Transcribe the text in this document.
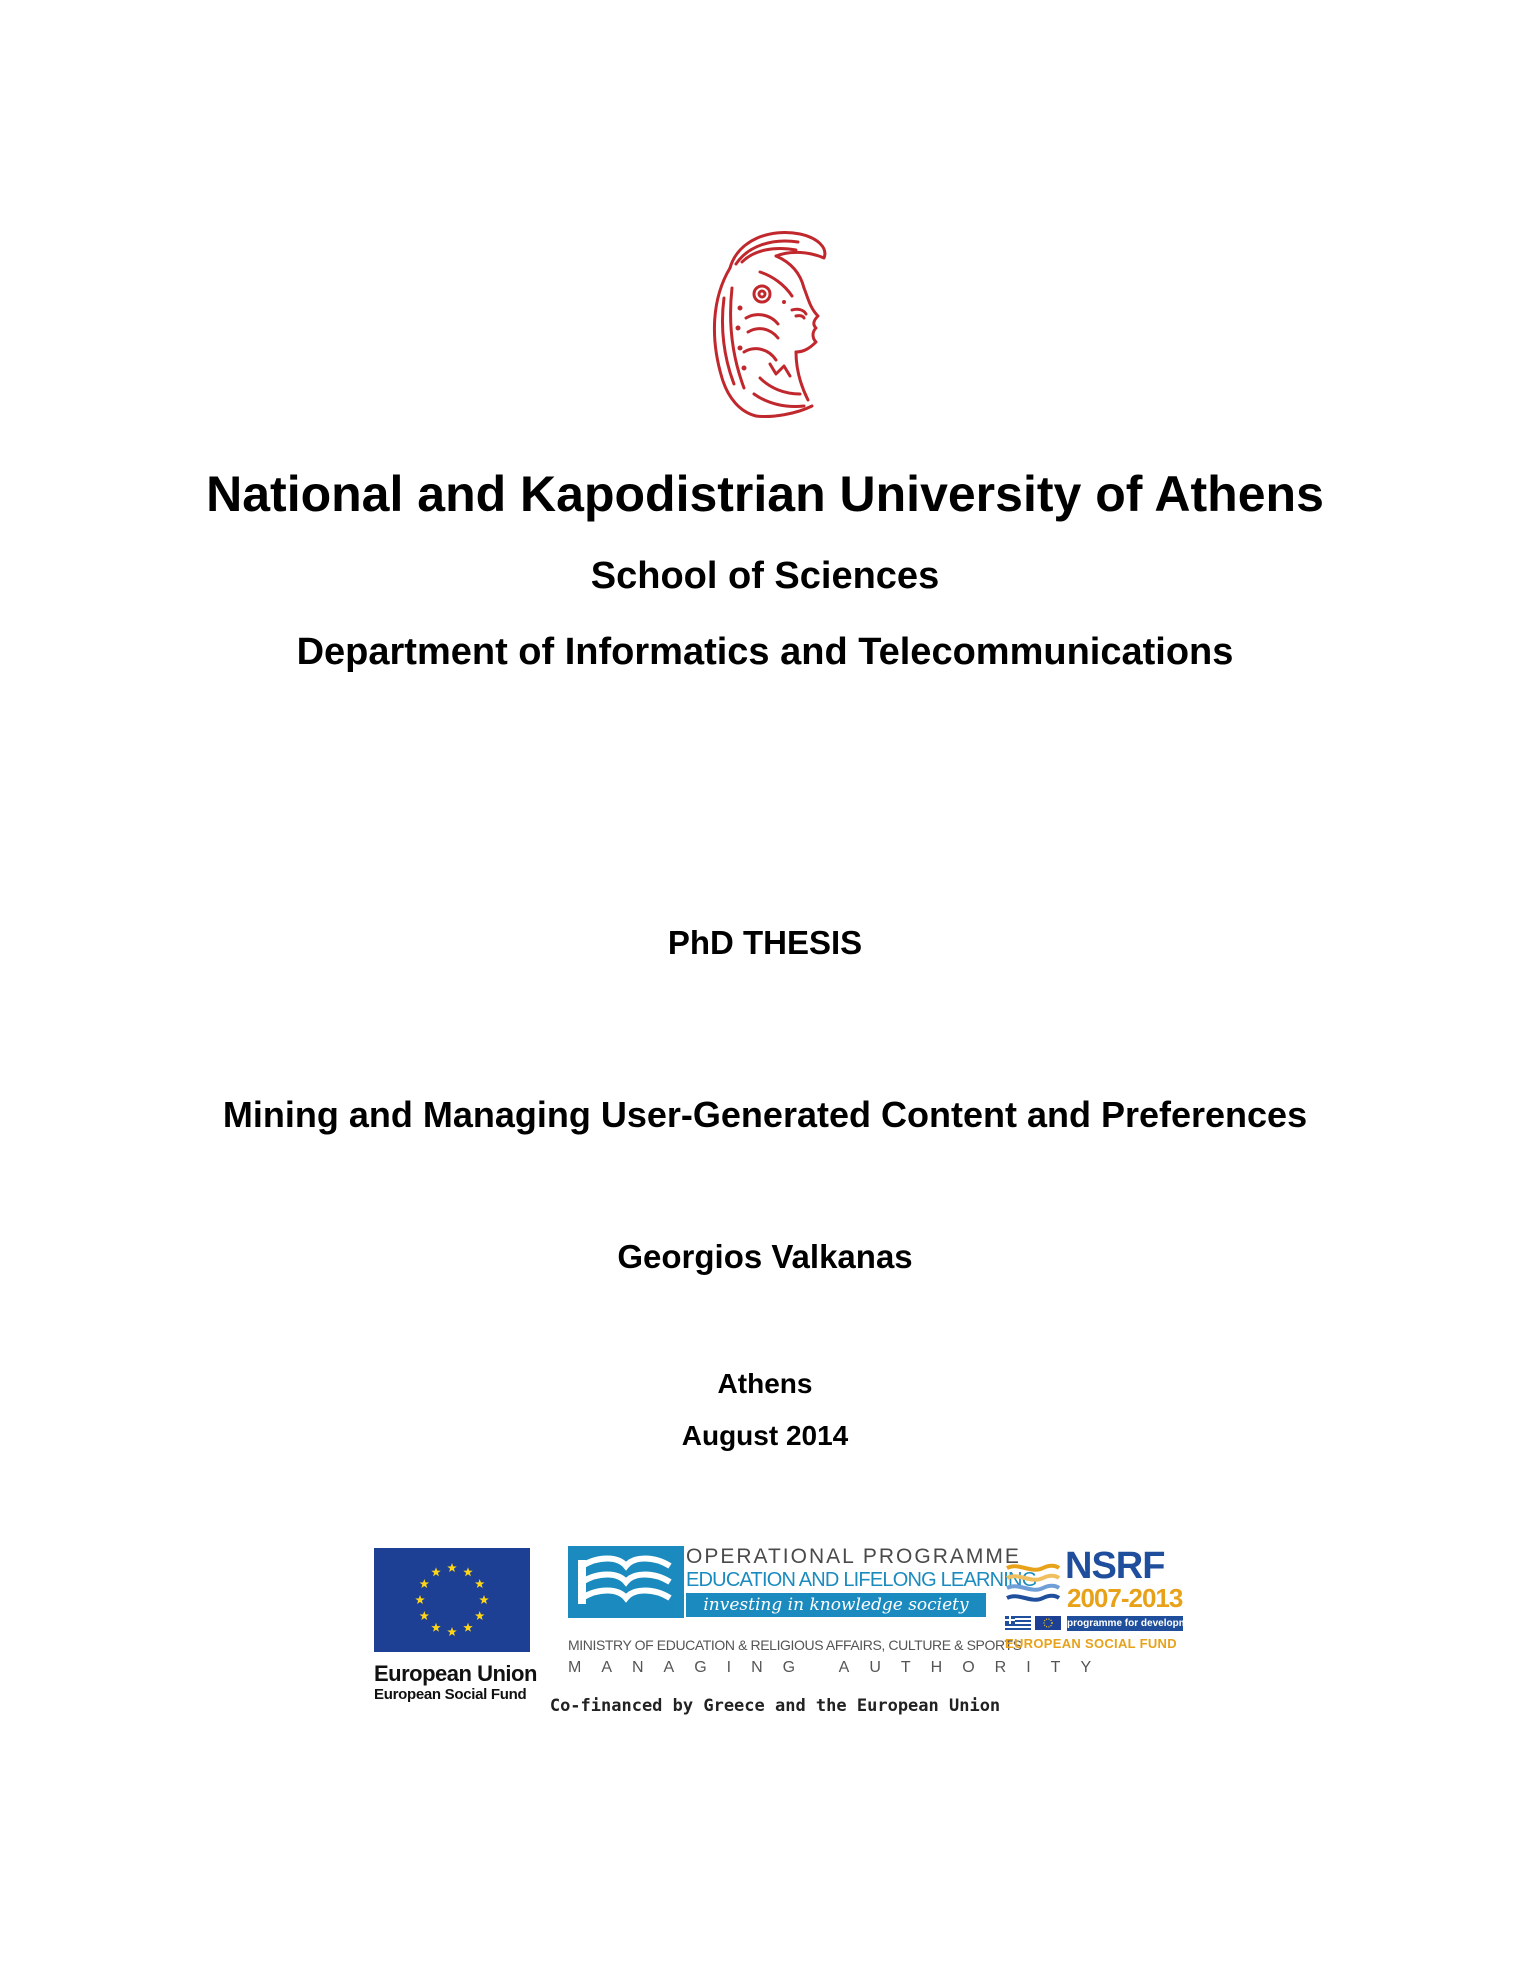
National and Kapodistrian University of Athens
School of Sciences
Department of Informatics and Telecommunications
PhD THESIS
Mining and Managing User-Generated Content and Preferences
Georgios Valkanas
Athens
August 2014
European Union
European Social Fund
OPERATIONAL PROGRAMME
EDUCATION AND LIFELONG LEARNING
investing in knowledge society
MINISTRY OF EDUCATION & RELIGIOUS AFFAIRS, CULTURE & SPORTS
MANAGING AUTHORITY
Co-financed by Greece and the European Union
NSRF
2007-2013
programme for development
EUROPEAN SOCIAL FUND
